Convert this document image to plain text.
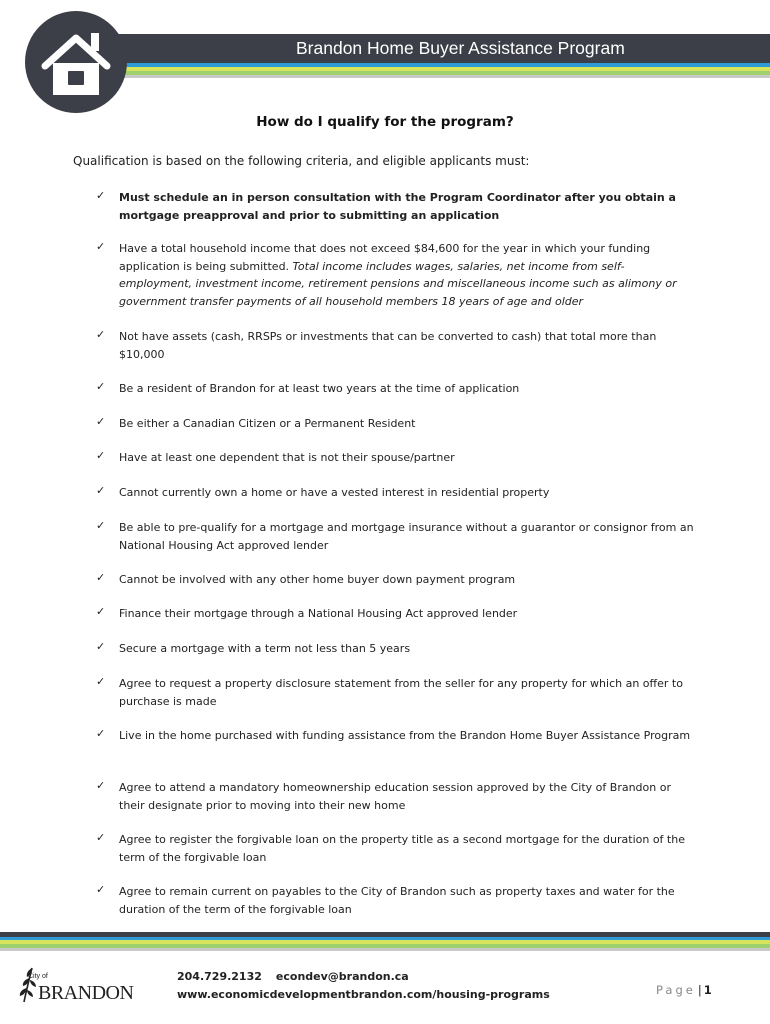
Brandon Home Buyer Assistance Program
How do I qualify for the program?
Qualification is based on the following criteria, and eligible applicants must:
✓	Must schedule an in person consultation with the Program Coordinator after you obtain a mortgage preapproval and prior to submitting an application
✓	Have a total household income that does not exceed $84,600 for the year in which your funding application is being submitted. Total income includes wages, salaries, net income from self-employment, investment income, retirement pensions and miscellaneous income such as alimony or government transfer payments of all household members 18 years of age and older
✓	Not have assets (cash, RRSPs or investments that can be converted to cash) that total more than $10,000
✓	Be a resident of Brandon for at least two years at the time of application
✓	Be either a Canadian Citizen or a Permanent Resident
✓	Have at least one dependent that is not their spouse/partner
✓	Cannot currently own a home or have a vested interest in residential property
✓	Be able to pre-qualify for a mortgage and mortgage insurance without a guarantor or consignor from an National Housing Act approved lender
✓	Cannot be involved with any other home buyer down payment program
✓	Finance their mortgage through a National Housing Act approved lender
✓	Secure a mortgage with a term not less than 5 years
✓	Agree to request a property disclosure statement from the seller for any property for which an offer to purchase is made
✓	Live in the home purchased with funding assistance from the Brandon Home Buyer Assistance Program
✓	Agree to attend a mandatory homeownership education session approved by the City of Brandon or their designate prior to moving into their new home
✓	Agree to register the forgivable loan on the property title as a second mortgage for the duration of the term of the forgivable loan
✓	Agree to remain current on payables to the City of Brandon such as property taxes and water for the duration of the term of the forgivable loan
City of
BRANDON
204.729.2132 econdev@brandon.ca
www.economicdevelopmentbrandon.com/housing-programs	Page | 1
